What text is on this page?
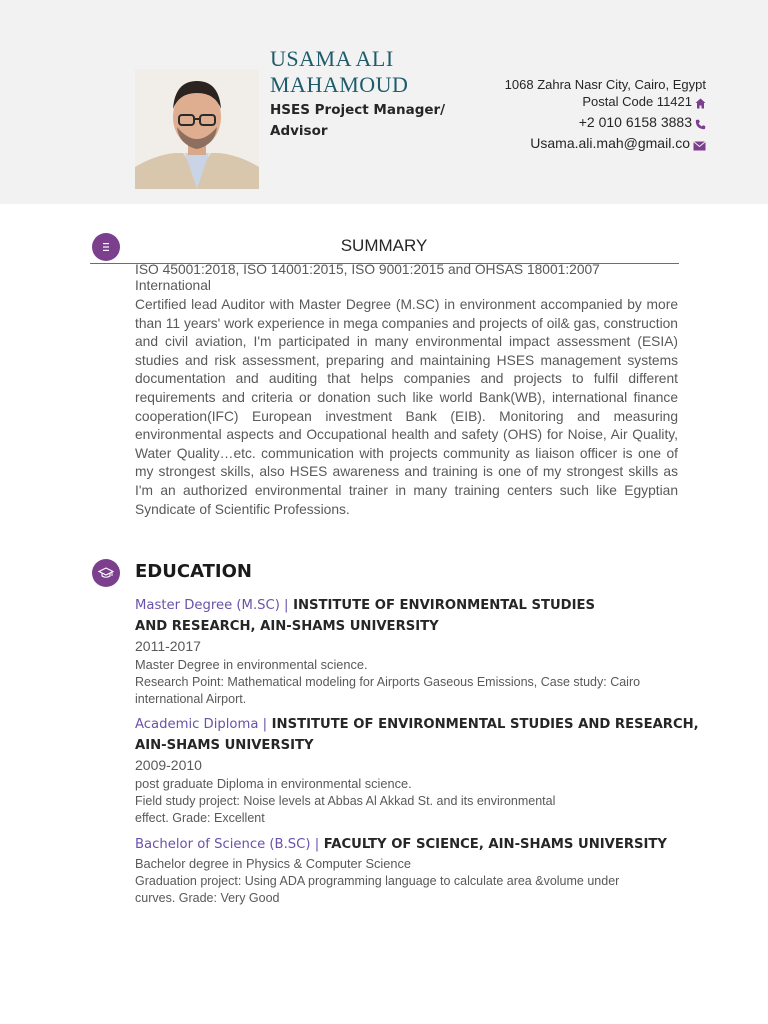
USAMA ALI
MAHAMOUD
HSES Project Manager/
Advisor
1068 Zahra Nasr City, Cairo, Egypt
Postal Code 11421
+2 010 6158 3883
Usama.ali.mah@gmail.co
SUMMARY

ISO 45001:2018, ISO 14001:2015, ISO 9001:2015 and OHSAS 18001:2007

International

Certified lead Auditor with Master Degree (M.SC) in environment accompanied by more than 11 years' work experience in mega companies and projects of oil& gas, construction and civil aviation, I'm participated in many environmental impact assessment (ESIA) studies and risk assessment, preparing and maintaining HSES management systems documentation and auditing that helps companies and projects to fulfil different requirements and criteria or donation such like world Bank(WB), international finance cooperation(IFC) European investment Bank (EIB). Monitoring and measuring environmental aspects and Occupational health and safety (OHS) for Noise, Air Quality, Water Quality…etc. communication with projects community as liaison officer is one of my strongest skills, also HSES awareness and training is one of my strongest skills as I'm an authorized environmental trainer in many training centers such like Egyptian Syndicate of Scientific Professions.

EDUCATION
Master Degree (M.SC) | INSTITUTE OF ENVIRONMENTAL STUDIES
AND RESEARCH, AIN-SHAMS UNIVERSITY
2011-2017
Master Degree in environmental science.
Research Point: Mathematical modeling for Airports Gaseous Emissions, Case study: Cairo
international Airport.
Academic Diploma | INSTITUTE OF ENVIRONMENTAL STUDIES AND RESEARCH,
AIN-SHAMS UNIVERSITY
2009-2010
post graduate Diploma in environmental science.
Field study project: Noise levels at Abbas Al Akkad St. and its environmental
effect. Grade: Excellent
Bachelor of Science (B.SC) | FACULTY OF SCIENCE, AIN-SHAMS UNIVERSITY
Bachelor degree in Physics & Computer Science
Graduation project: Using ADA programming language to calculate area &volume under
curves. Grade: Very Good
